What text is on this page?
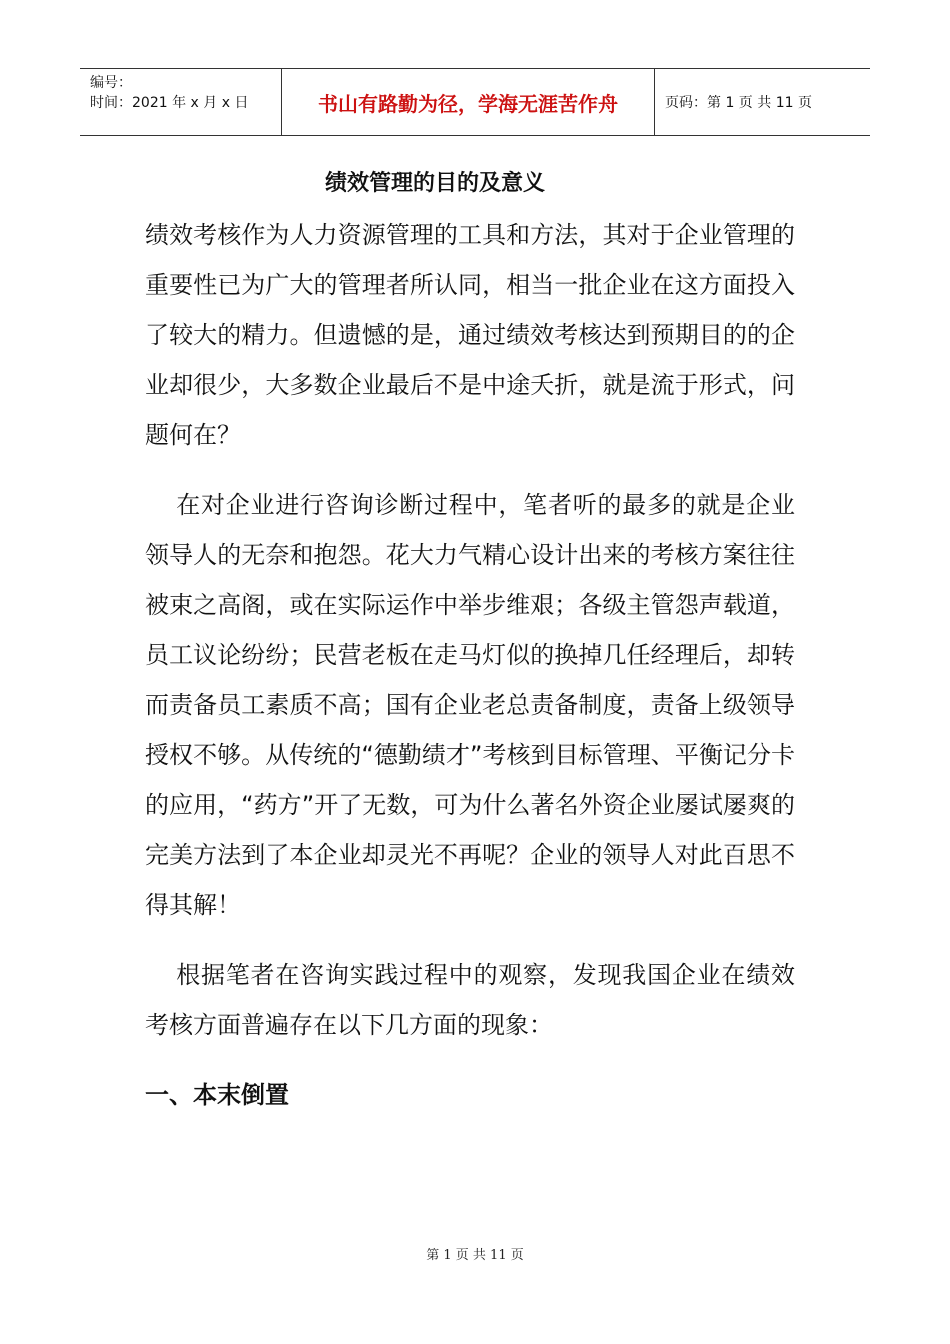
编号：
时间：2021 年 x 月 x 日	书山有路勤为径，学海无涯苦作舟	页码：第 1 页 共 11 页
绩效管理的目的及意义

绩效考核作为人力资源管理的工具和方法，其对于企业管理的重要性已为广大的管理者所认同，相当一批企业在这方面投入了较大的精力。但遗憾的是，通过绩效考核达到预期目的的企业却很少，大多数企业最后不是中途夭折，就是流于形式，问题何在？

在对企业进行咨询诊断过程中，笔者听的最多的就是企业领导人的无奈和抱怨。花大力气精心设计出来的考核方案往往被束之高阁，或在实际运作中举步维艰；各级主管怨声载道，员工议论纷纷；民营老板在走马灯似的换掉几任经理后，却转而责备员工素质不高；国有企业老总责备制度，责备上级领导授权不够。从传统的“德勤绩才”考核到目标管理、平衡记分卡的应用，“药方”开了无数，可为什么著名外资企业屡试屡爽的完美方法到了本企业却灵光不再呢？企业的领导人对此百思不得其解！

根据笔者在咨询实践过程中的观察，发现我国企业在绩效考核方面普遍存在以下几方面的现象：

一、本末倒置

第 1 页 共 11 页
